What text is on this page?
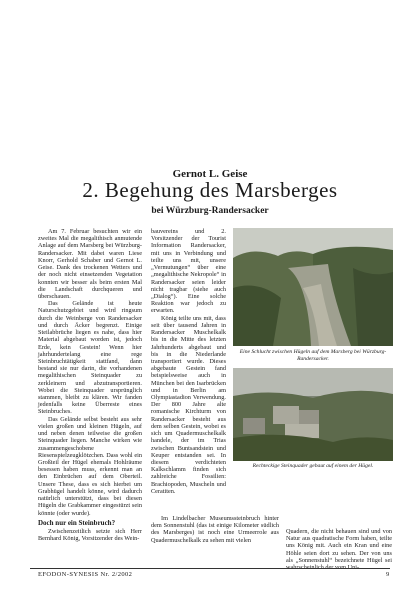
Gernot L. Geise
2. Begehung des Marsberges
bei Würzburg-Randersacker

Am 7. Februar besuchten wir ein zweites Mal die megalithisch anmutende Anlage auf dem Marsberg bei Würzburg-Randersacker. Mit dabei waren Liese Knorr, Gerhold Schaber und Gernot L. Geise. Dank des trockenen Wetters und der noch nicht einsetzenden Vegetation konnten wir besser als beim ersten Mal die Landschaft durchqueren und überschauen.

Das Gelände ist heute Naturschutzgebiet und wird ringsum durch die Weinberge von Randersacker und durch Äcker begrenzt. Einige Steilabbrüche liegen es nahe, dass hier Material abgebaut worden ist, jedoch Erde, kein Gestein! Wenn hier jahrhundertelang eine rege Steinbruchtätigkeit stattfand, dann bestand sie nur darin, die vorhandenen megalithischen Steinquader zu zerkleinern und abzutransportieren. Wobei die Steinquader ursprünglich stammen, bleibt zu klären. Wir fanden jedenfalls keine Überreste eines Steinbruches.

Das Gelände selbst besteht aus sehr vielen großen und kleinen Hügeln, auf und neben denen teilweise die großen Steinquader liegen. Manche wirken wie zusammengeschobene Riesenspielzeugklötzchen. Dass wohl ein Großteil der Hügel ehemals Hohlräume besessen haben muss, erkennt man an den Einbrüchen auf dem Oberteil. Unsere These, dass es sich hierbei um Grabhügel handelt könne, wird dadurch natürlich unterstützt, dass bei diesen Hügeln die Grabkammer eingestürzt sein könnte (oder wurde).

Doch nur ein Steinbruch?

Zwischenzeitlich setzte sich Herr Bernhard König, Vorsitzender des Wein-

bauvereins und 2. Vorsitzender der Tourist Information Randersacker, mit uns in Verbindung und teilte uns mit, unsere „Vermutungen“ über eine „megalithische Nekropole“ in Randersacker seien leider nicht tragbar (siehe auch „Dialog“). Eine solche Reaktion war jedoch zu erwarten.

König teilte uns mit, dass seit über tausend Jahren in Randersacker Muschelkalk bis in die Mitte des letzten Jahrhunderts abgebaut und bis in die Niederlande transportiert wurde. Dieses abgebaute Gestein fand beispielsweise auch in München bei den Isarbrücken und in Berlin am Olympiastadion Verwendung. Der 800 Jahre alte romanische Kirchturm von Randersacker besteht aus dem selben Gestein, wobei es sich um Quadermuschelkalk handele, der im Trias zwischen Buntsandstein und Keuper entstanden sei. In diesem verdichteten Kalkschlamm finden sich zahlreiche Fossilien: Brachiopoden, Muscheln und Ceratiten.

Im Lindelbacher Museumssteinbruch hinter dem Sonnenstuhl (das ist einige Kilometer südlich des Marsberges) ist noch eine Urmeerrole aus Quadermuschelkalk zu sehen mit vielen

Quadern, die nicht behauen sind und von Natur aus quadratische Form haben, teilte uns König mit. Auch ein Kran und eine Höhle seien dort zu sehen. Der von uns als „Sonnenstuhl“ bezeichnete Hügel sei wahrscheinlich der vom Uni-

Eine Schlucht zwischen Hügeln auf dem Marsberg bei Würzburg-Randersacker.
Rechteckige Steinquader gebaut auf einem der Hügel.
EFODON-SYNESIS Nr. 2/2002	9
